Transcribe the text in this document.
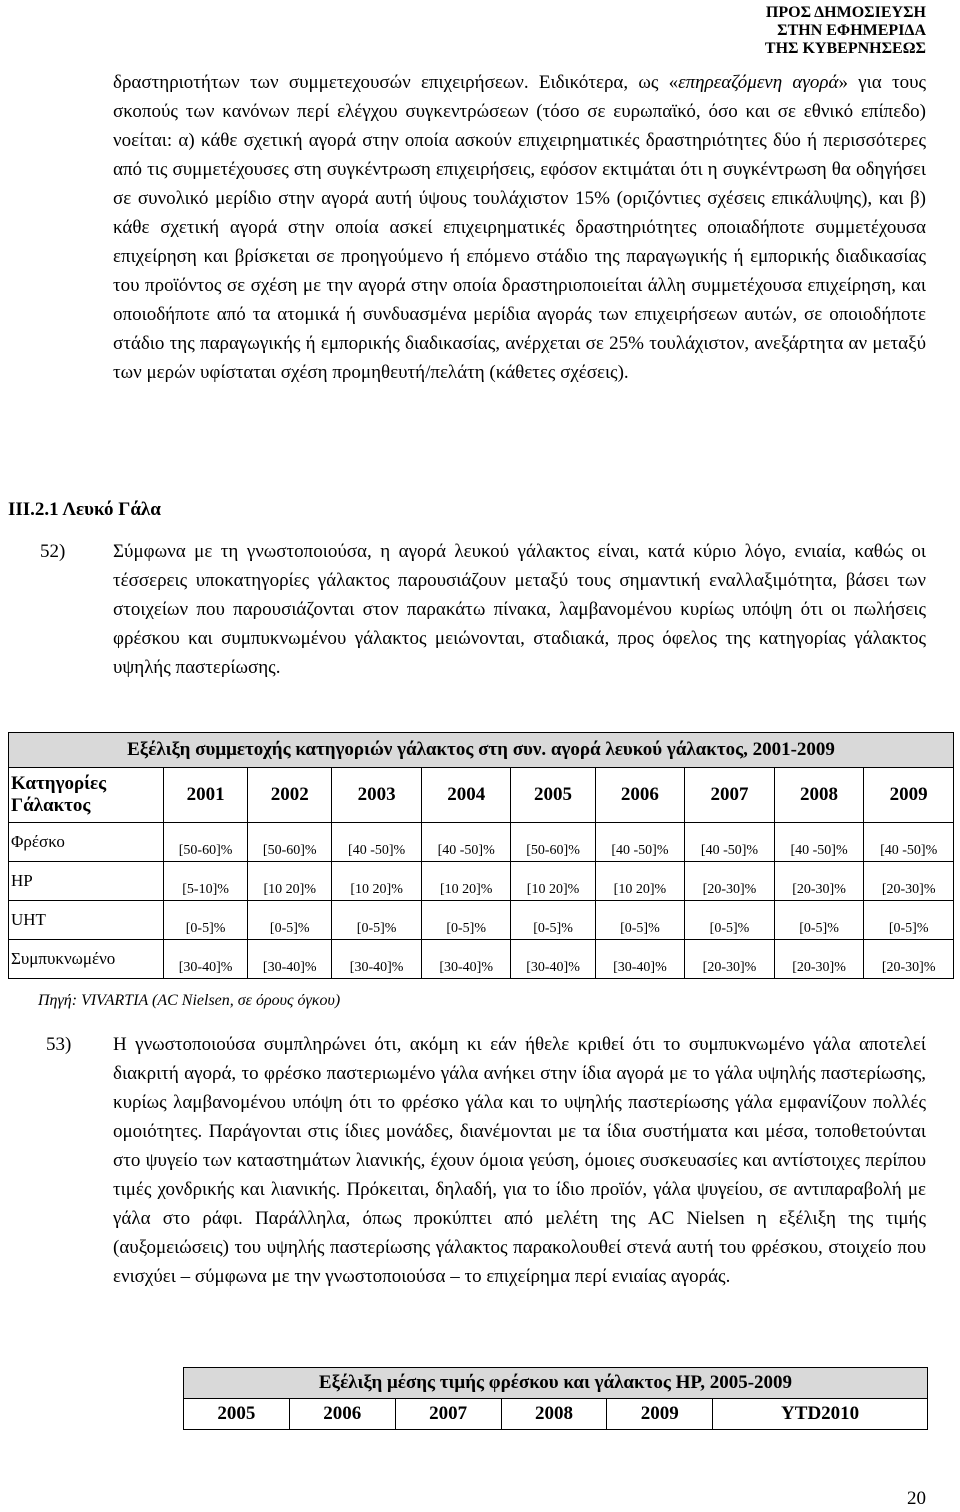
ΠΡΟΣ ΔΗΜΟΣΙΕΥΣΗ
ΣΤΗΝ ΕΦΗΜΕΡΙΔΑ
ΤΗΣ ΚΥΒΕΡΝΗΣΕΩΣ

δραστηριοτήτων των συμμετεχουσών επιχειρήσεων. Ειδικότερα, ως «επηρεαζόμενη αγορά» για τους σκοπούς των κανόνων περί ελέγχου συγκεντρώσεων (τόσο σε ευρωπαϊκό, όσο και σε εθνικό επίπεδο) νοείται: α) κάθε σχετική αγορά στην οποία ασκούν επιχειρηματικές δραστηριότητες δύο ή περισσότερες από τις συμμετέχουσες στη συγκέντρωση επιχειρήσεις, εφόσον εκτιμάται ότι η συγκέντρωση θα οδηγήσει σε συνολικό μερίδιο στην αγορά αυτή ύψους τουλάχιστον 15% (οριζόντιες σχέσεις επικάλυψης), και β) κάθε σχετική αγορά στην οποία ασκεί επιχειρηματικές δραστηριότητες οποιαδήποτε συμμετέχουσα επιχείρηση και βρίσκεται σε προηγούμενο ή επόμενο στάδιο της παραγωγικής ή εμπορικής διαδικασίας του προϊόντος σε σχέση με την αγορά στην οποία δραστηριοποιείται άλλη συμμετέχουσα επιχείρηση, και οποιοδήποτε από τα ατομικά ή συνδυασμένα μερίδια αγοράς των επιχειρήσεων αυτών, σε οποιοδήποτε στάδιο της παραγωγικής ή εμπορικής διαδικασίας, ανέρχεται σε 25% τουλάχιστον, ανεξάρτητα αν μεταξύ των μερών υφίσταται σχέση προμηθευτή/πελάτη (κάθετες σχέσεις).

ΙΙΙ.2.1 Λευκό Γάλα
52)	Σύμφωνα με τη γνωστοποιούσα, η αγορά λευκού γάλακτος είναι, κατά κύριο λόγο, ενιαία, καθώς οι τέσσερεις υποκατηγορίες γάλακτος παρουσιάζουν μεταξύ τους σημαντική εναλλαξιμότητα, βάσει των στοιχείων που παρουσιάζονται στον παρακάτω πίνακα, λαμβανομένου κυρίως υπόψη ότι οι πωλήσεις φρέσκου και συμπυκνωμένου γάλακτος μειώνονται, σταδιακά, προς όφελος της κατηγορίας γάλακτος υψηλής παστερίωσης.

Εξέλιξη συμμετοχής κατηγοριών γάλακτος στη συν. αγορά λευκού γάλακτος, 2001-2009									

Κατηγορίες
Γάλακτος	2001	2002	2003	2004	2005	2006	2007	2008	2009
Φρέσκο	[50-60]%	[50-60]%	[40 -50]%	[40 -50]%	[50-60]%	[40 -50]%	[40 -50]%	[40 -50]%	[40 -50]%
HP	[5-10]%	[10 20]%	[10 20]%	[10 20]%	[10 20]%	[10 20]%	[20-30]%	[20-30]%	[20-30]%
UHT	[0-5]%	[0-5]%	[0-5]%	[0-5]%	[0-5]%	[0-5]%	[0-5]%	[0-5]%	[0-5]%
Συμπυκνωμένο	[30-40]%	[30-40]%	[30-40]%	[30-40]%	[30-40]%	[30-40]%	[20-30]%	[20-30]%	[20-30]%
Πηγή: VIVARTIA (AC Nielsen, σε όρους όγκου)
53) Η γνωστοποιούσα συμπληρώνει ότι, ακόμη κι εάν ήθελε κριθεί ότι το συμπυκνωμένο γάλα αποτελεί διακριτή αγορά, το φρέσκο παστεριωμένο γάλα ανήκει στην ίδια αγορά με το γάλα υψηλής παστερίωσης, κυρίως λαμβανομένου υπόψη ότι το φρέσκο γάλα και το υψηλής παστερίωσης γάλα εμφανίζουν πολλές ομοιότητες. Παράγονται στις ίδιες μονάδες, διανέμονται με τα ίδια συστήματα και μέσα, τοποθετούνται στο ψυγείο των καταστημάτων λιανικής, έχουν όμοια γεύση, όμοιες συσκευασίες και αντίστοιχες περίπου τιμές χονδρικής και λιανικής. Πρόκειται, δηλαδή, για το ίδιο προϊόν, γάλα ψυγείου, σε αντιπαραβολή με γάλα στο ράφι. Παράλληλα, όπως προκύπτει από μελέτη της AC Nielsen η εξέλιξη της τιμής (αυξομειώσεις) του υψηλής παστερίωσης γάλακτος παρακολουθεί στενά αυτή του φρέσκου, στοιχείο που ενισχύει – σύμφωνα με την γνωστοποιούσα – το επιχείρημα περί ενιαίας αγοράς.

Εξέλιξη μέσης τιμής φρέσκου και γάλακτος HP, 2005-2009
2005	2006	2007	2008	2009	YTD2010
20
